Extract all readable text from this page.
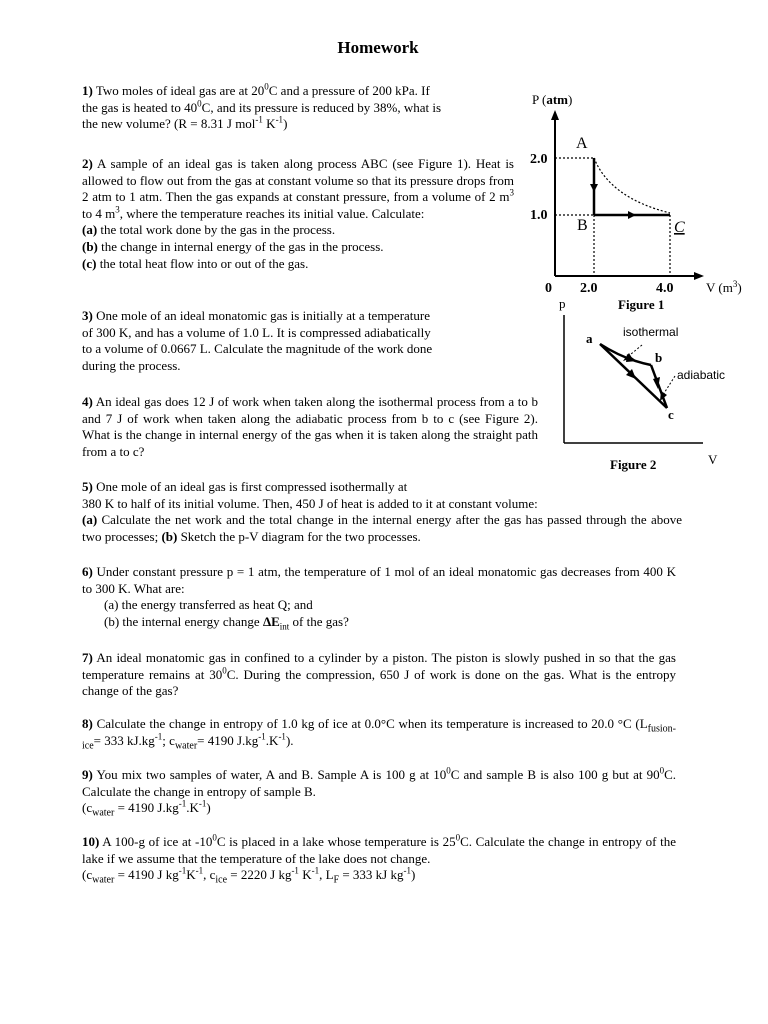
Homework

1) Two moles of ideal gas are at $20^0C$ and a pressure of 200 kPa. If

the gas is heated to $40^0C$, and its pressure is reduced by 38%, what is

the new volume? (R = 8.31 J mol$^{-1}$ $K^{-1}$)

2) A sample of an ideal gas is taken along process ABC (see Figure 1). Heat is allowed to flow out from the gas at constant volume so that its pressure drops from 2 atm to 1 atm. Then the gas expands at constant pressure, from a volume of 2 $m^3$ to 4 $m^3$, where the temperature reaches its initial value. Calculate:

(a) the total work done by the gas in the process.

(b) the change in internal energy of the gas in the process.

(c) the total heat flow into or out of the gas.

3) One mole of an ideal monatomic gas is initially at a temperature

of 300 K, and has a volume of 1.0 L. It is compressed adiabatically

to a volume of 0.0667 L. Calculate the magnitude of the work done

during the process.

4) An ideal gas does 12 J of work when taken along the isothermal process from a to b and 7 J of work when taken along the adiabatic process from b to c (see Figure 2). What is the change in internal energy of the gas when it is taken along the straight path from a to c?

5) One mole of an ideal gas is first compressed isothermally at

380 K to half of its initial volume. Then, 450 J of heat is added to it at constant volume:

(a) Calculate the net work and the total change in the internal energy after the gas has passed through the above two processes; (b) Sketch the p-V diagram for the two processes.

6) Under constant pressure p = 1 atm, the temperature of 1 mol of an ideal monatomic gas decreases from 400 K to 300 K. What are:

(a) the energy transferred as heat Q; and

(b) the internal energy change $\Delta E_{int}$ of the gas?

7) An ideal monatomic gas in confined to a cylinder by a piston. The piston is slowly pushed in so that the gas temperature remains at $30^0C$. During the compression, 650 J of work is done on the gas. What is the entropy change of the gas?

8) Calculate the change in entropy of 1.0 kg of ice at 0.0°C when its temperature is increased to 20.0 °C ($L_{fusion-ice}= 333$ $kJ.kg^{-1}$; $c_{water}= 4190$ $J.kg^{-1}.K^{-1}$).

9) You mix two samples of water, A and B. Sample A is 100 g at $10^0C$ and sample B is also 100 g but at $90^0C$. Calculate the change in entropy of sample B.

($c_{water} = 4190$ $J.kg^{-1}.K^{-1}$)

10) A 100-g of ice at $-10^0C$ is placed in a lake whose temperature is $25^0C$. Calculate the change in entropy of the lake if we assume that the temperature of the lake does not change.

($c_{water} = 4190$ J $kg^{-1}K^{-1}$, $c_{ice} = 2220$ J $kg^{-1}$ $K^{-1}$, $L_F = 333$ kJ $kg^{-1}$)

P (atm)
2.0
1.0
A
B	C
0 2.0	4.0	V $(m^3)$
Figure 1
p
V
a
b
c
isothermal
adiabatic
Figure 2
